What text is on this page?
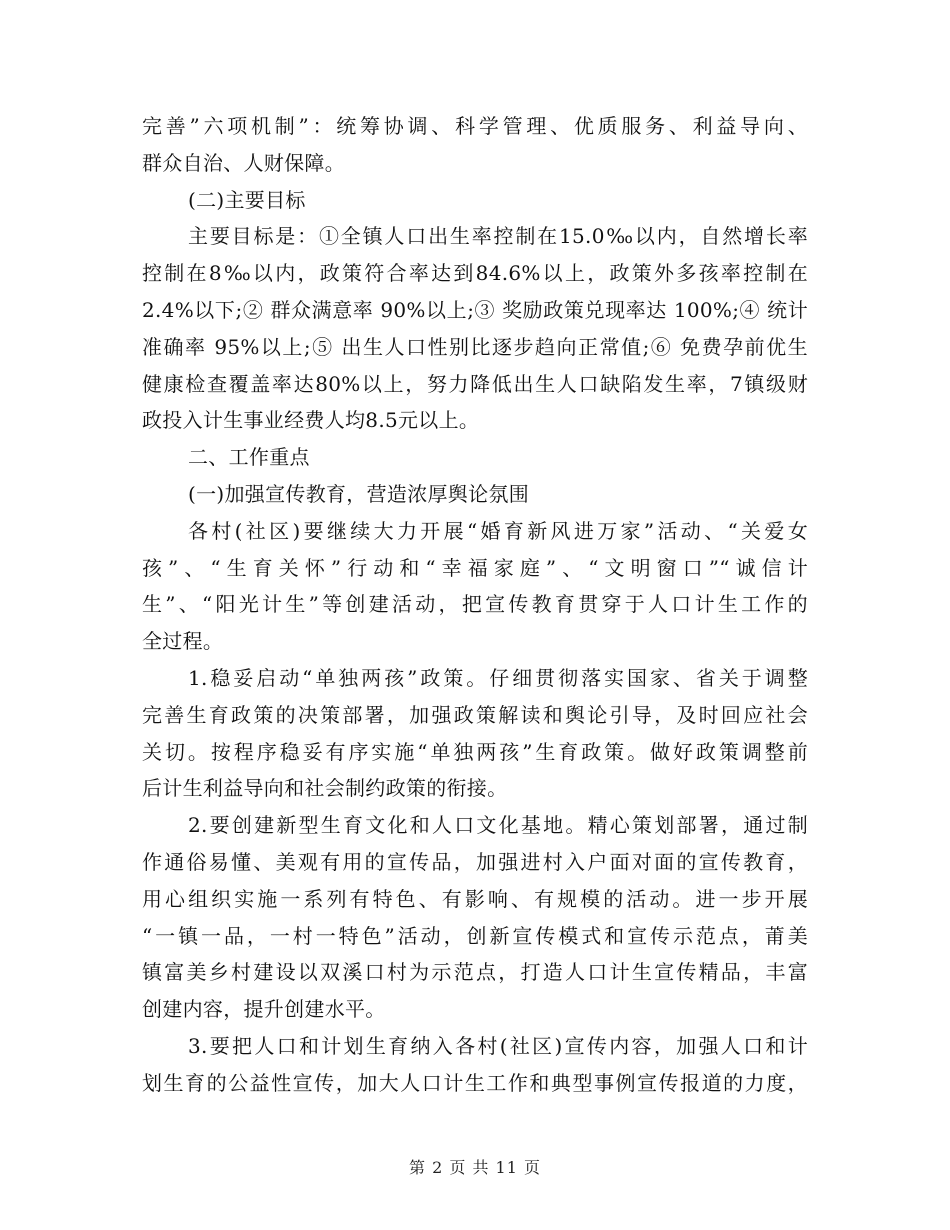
完善”六项机制”：统筹协调、科学管理、优质服务、利益导向、
群众自治、人财保障。
(二)主要目标
主要目标是：①全镇人口出生率控制在15.0‰以内，自然增长率
控制在8‰以内，政策符合率达到84.6%以上，政策外多孩率控制在
2.4%以下;② 群众满意率 90%以上;③ 奖励政策兑现率达 100%;④ 统计
准确率 95%以上;⑤ 出生人口性别比逐步趋向正常值;⑥ 免费孕前优生
健康检查覆盖率达80%以上，努力降低出生人口缺陷发生率，7镇级财
政投入计生事业经费人均8.5元以上。
二、工作重点
(一)加强宣传教育，营造浓厚舆论氛围
各村(社区)要继续大力开展“婚育新风进万家”活动、“关爱女
孩”、“生育关怀”行动和“幸福家庭”、“文明窗口”“诚信计
生”、“阳光计生”等创建活动，把宣传教育贯穿于人口计生工作的
全过程。
1.稳妥启动“单独两孩”政策。仔细贯彻落实国家、省关于调整
完善生育政策的决策部署，加强政策解读和舆论引导，及时回应社会
关切。按程序稳妥有序实施“单独两孩”生育政策。做好政策调整前
后计生利益导向和社会制约政策的衔接。
2.要创建新型生育文化和人口文化基地。精心策划部署，通过制
作通俗易懂、美观有用的宣传品，加强进村入户面对面的宣传教育，
用心组织实施一系列有特色、有影响、有规模的活动。进一步开展
“一镇一品，一村一特色”活动，创新宣传模式和宣传示范点，莆美
镇富美乡村建设以双溪口村为示范点，打造人口计生宣传精品，丰富
创建内容，提升创建水平。
3.要把人口和计划生育纳入各村(社区)宣传内容，加强人口和计
划生育的公益性宣传，加大人口计生工作和典型事例宣传报道的力度，
第 2 页 共 11 页
